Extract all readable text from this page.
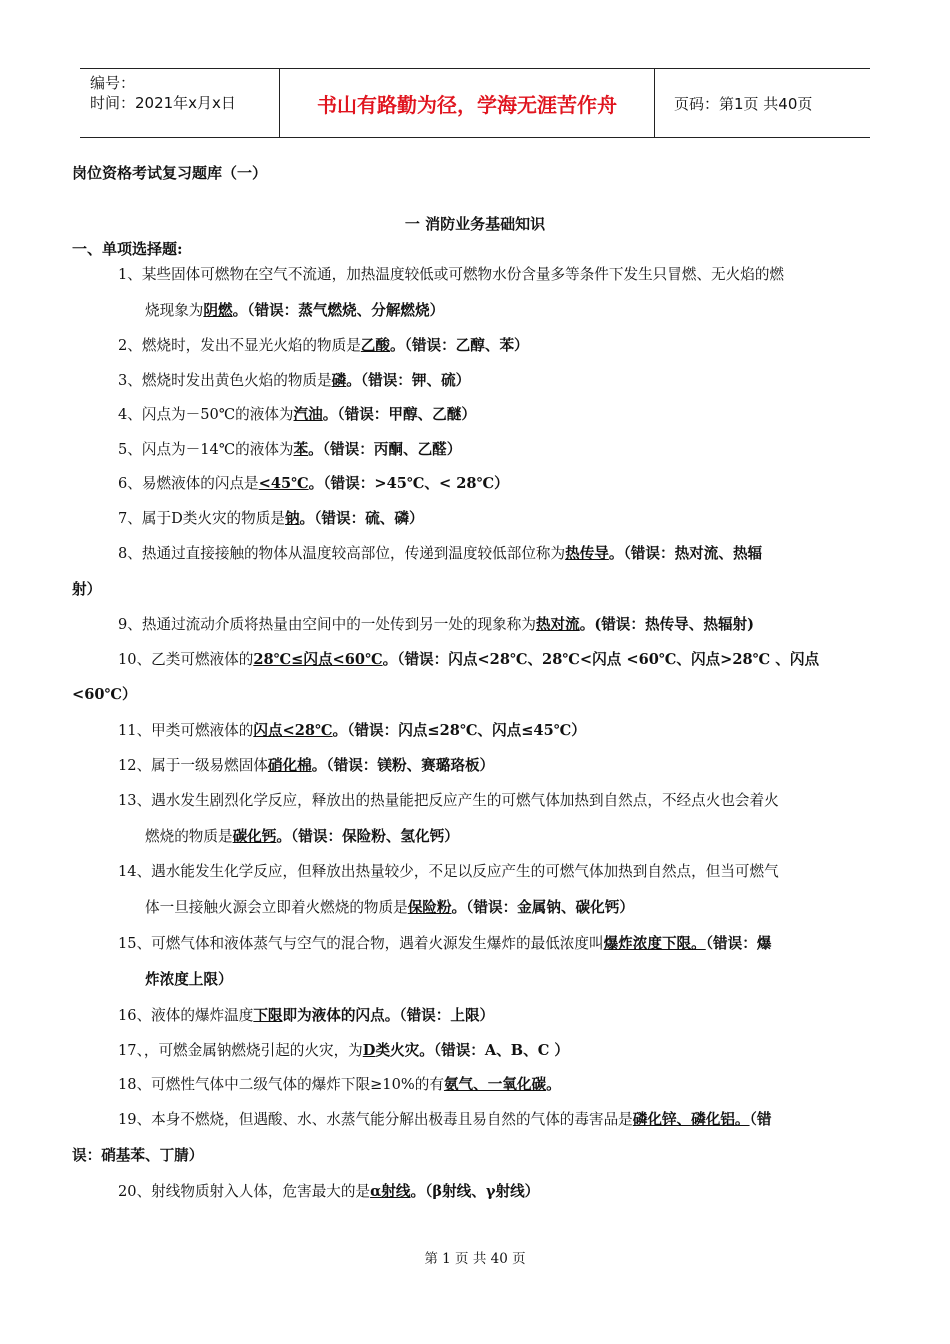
编号：
时间：2021年x月x日	书山有路勤为径，学海无涯苦作舟	页码：第1页 共40页
岗位资格考试复习题库（一）
一 消防业务基础知识
一、单项选择题:
1、某些固体可燃物在空气不流通，加热温度较低或可燃物水份含量多等条件下发生只冒燃、无火焰的燃
烧现象为阴燃。（错误：蒸气燃烧、分解燃烧）
2、燃烧时，发出不显光火焰的物质是乙酸。（错误：乙醇、苯）
3、燃烧时发出黄色火焰的物质是磷。（错误：钾、硫）
4、闪点为－50℃的液体为汽油。（错误：甲醇、乙醚）
5、闪点为－14℃的液体为苯。（错误：丙酮、乙醛）
6、易燃液体的闪点是<45℃。（错误：>45℃、< 28℃）
7、属于D类火灾的物质是钠。（错误：硫、磷）
8、热通过直接接触的物体从温度较高部位，传递到温度较低部位称为热传导。（错误：热对流、热辐
射）
9、热通过流动介质将热量由空间中的一处传到另一处的现象称为热对流。(错误：热传导、热辐射)
10、乙类可燃液体的28℃≤闪点<60℃。（错误：闪点<28℃、28℃<闪点 <60℃、闪点>28℃ 、闪点
<60℃）
11、甲类可燃液体的闪点<28℃。（错误：闪点≤28℃、闪点≤45℃）
12、属于一级易燃固体硝化棉。（错误：镁粉、赛璐珞板）
13、遇水发生剧烈化学反应，释放出的热量能把反应产生的可燃气体加热到自然点，不经点火也会着火
燃烧的物质是碳化钙。（错误：保险粉、氢化钙）
14、遇水能发生化学反应，但释放出热量较少，不足以反应产生的可燃气体加热到自然点，但当可燃气
体一旦接触火源会立即着火燃烧的物质是保险粉。（错误：金属钠、碳化钙）
15、可燃气体和液体蒸气与空气的混合物，遇着火源发生爆炸的最低浓度叫爆炸浓度下限。（错误：爆
炸浓度上限）
16、液体的爆炸温度下限即为液体的闪点。（错误：上限）
17、，可燃金属钠燃烧引起的火灾，为D类火灾。（错误：A、B、C ）
18、可燃性气体中二级气体的爆炸下限≥10%的有氨气、一氧化碳。
19、本身不燃烧，但遇酸、水、水蒸气能分解出极毒且易自然的气体的毒害品是磷化锌、磷化铝。（错
误：硝基苯、丁腈）
20、射线物质射入人体，危害最大的是α射线。（β射线、γ射线）
第 1 页 共 40 页
